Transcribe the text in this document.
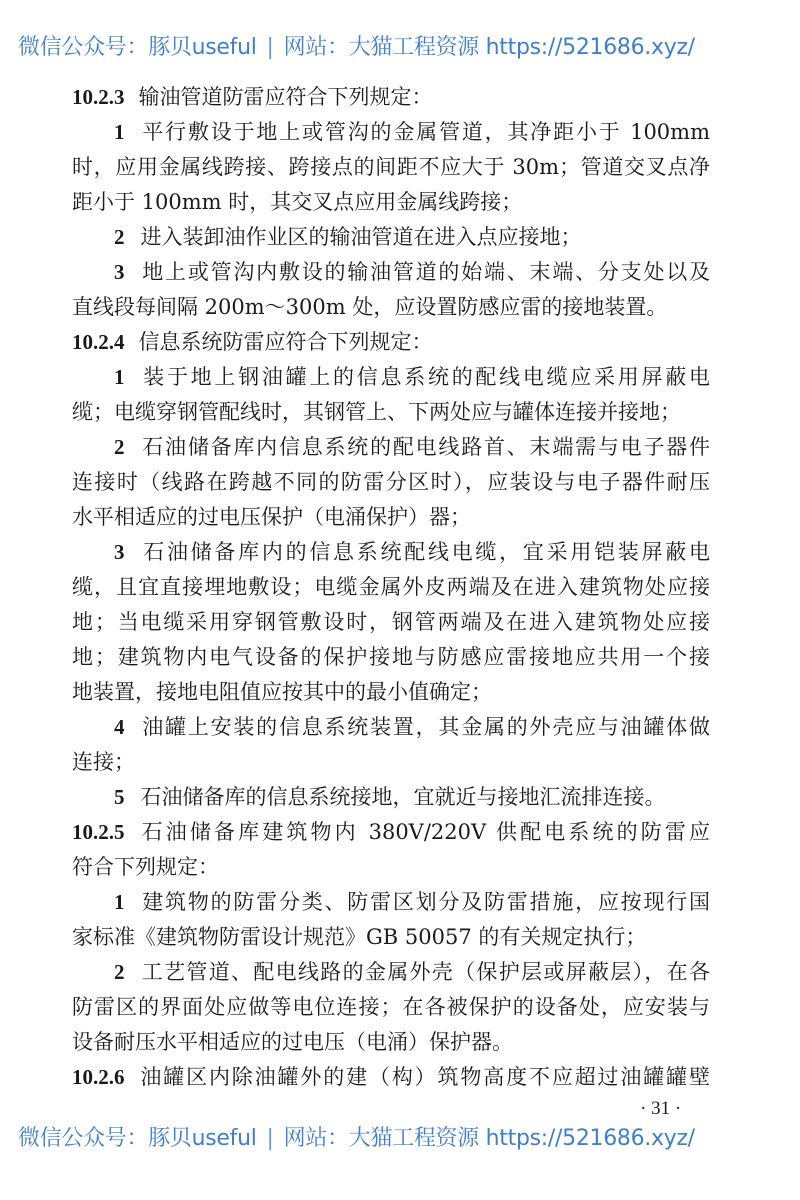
微信公众号：豚贝useful | 网站：大猫工程资源 https://521686.xyz/
10.2.3 输油管道防雷应符合下列规定：
1 平行敷设于地上或管沟的金属管道，其净距小于 100mm
时，应用金属线跨接、跨接点的间距不应大于 30m；管道交叉点净
距小于 100mm 时，其交叉点应用金属线跨接；
2 进入装卸油作业区的输油管道在进入点应接地；
3 地上或管沟内敷设的输油管道的始端、末端、分支处以及
直线段每间隔 200m～300m 处，应设置防感应雷的接地装置。
10.2.4 信息系统防雷应符合下列规定：
1 装于地上钢油罐上的信息系统的配线电缆应采用屏蔽电
缆；电缆穿钢管配线时，其钢管上、下两处应与罐体连接并接地；
2 石油储备库内信息系统的配电线路首、末端需与电子器件
连接时（线路在跨越不同的防雷分区时），应装设与电子器件耐压
水平相适应的过电压保护（电涌保护）器；
3 石油储备库内的信息系统配线电缆，宜采用铠装屏蔽电
缆，且宜直接埋地敷设；电缆金属外皮两端及在进入建筑物处应接
地；当电缆采用穿钢管敷设时，钢管两端及在进入建筑物处应接
地；建筑物内电气设备的保护接地与防感应雷接地应共用一个接
地装置，接地电阻值应按其中的最小值确定；
4 油罐上安装的信息系统装置，其金属的外壳应与油罐体做
连接；
5 石油储备库的信息系统接地，宜就近与接地汇流排连接。
10.2.5 石油储备库建筑物内 380V/220V 供配电系统的防雷应
符合下列规定：
1 建筑物的防雷分类、防雷区划分及防雷措施，应按现行国
家标准《建筑物防雷设计规范》GB 50057 的有关规定执行；
2 工艺管道、配电线路的金属外壳（保护层或屏蔽层），在各
防雷区的界面处应做等电位连接；在各被保护的设备处，应安装与
设备耐压水平相适应的过电压（电涌）保护器。
10.2.6 油罐区内除油罐外的建（构）筑物高度不应超过油罐罐壁
· 31 ·
微信公众号：豚贝useful | 网站：大猫工程资源 https://521686.xyz/
